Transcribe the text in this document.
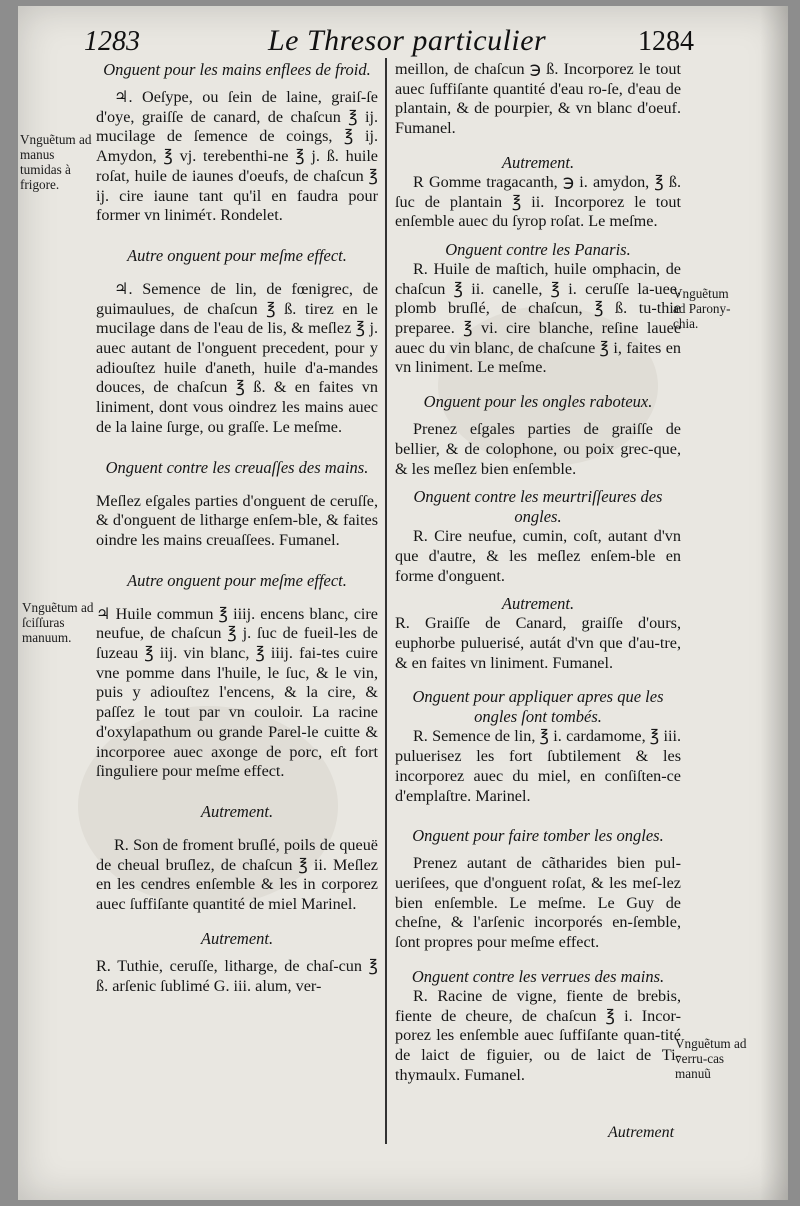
1283	Le Thresor particulier	1284
Onguent pour les mains enflees de froid.
♃. Oeſype, ou ſein de laine, graiſ-ſe d'oye, graiſſe de canard, de chaſcun ℥ ij. mucilage de ſemence de coings, ℥ ij. Amydon, ℥ vj. terebenthi-ne ℥ j. ß. huile roſat, huile de iaunes d'oeufs, de chaſcun ℥ ij. cire iaune tant qu'il en faudra pour former vn liniméτ. Rondelet.
Autre onguent pour meſme effect.
♃. Semence de lin, de fœnigrec, de guimaulues, de chaſcun ℥ ß. tirez en le mucilage dans de l'eau de lis, & meſlez ℥ j. auec autant de l'onguent precedent, pour y adiouſtez huile d'aneth, huile d'a-mandes douces, de chaſcun ℥ ß. & en faites vn liniment, dont vous oindrez les mains auec de la laine ſurge, ou graſſe. Le meſme.
Onguent contre les creuaſſes des mains.
Meſlez eſgales parties d'onguent de ceruſſe, & d'onguent de litharge enſem-ble, & faites oindre les mains creuaſſees. Fumanel.
Autre onguent pour meſme effect.
♃ Huile commun ℥ iiij. encens blanc, cire neufue, de chaſcun ℥ j. ſuc de fueil-les de ſuzeau ℥ iij. vin blanc, ℥ iiij. fai-tes cuire vne pomme dans l'huile, le ſuc, & le vin, puis y adiouſtez l'encens, & la cire, & paſſez le tout par vn couloir. La racine d'oxylapathum ou grande Parel-le cuitte & incorporee auec axonge de porc, eſt fort ſinguliere pour meſme effect.
Autrement.
R. Son de froment bruſlé, poils de queuë de cheual bruſlez, de chaſcun ℥ ii. Meſlez en les cendres enſemble & les in corporez auec ſuffiſante quantité de miel Marinel.
Autrement.
R. Tuthie, ceruſſe, litharge, de chaſ-cun ℥ ß. arſenic ſublimé G. iii. alum, ver-
meillon, de chaſcun ℈ ß. Incorporez le tout auec ſuffiſante quantité d'eau ro-ſe, d'eau de plantain, & de pourpier, & vn blanc d'oeuf. Fumanel.
Autrement.
R Gomme tragacanth, ℈ i. amydon, ℥ ß. ſuc de plantain ℥ ii. Incorporez le tout enſemble auec du ſyrop roſat. Le meſme.
Onguent contre les Panaris.
R. Huile de maſtich, huile omphacin, de chaſcun ℥ ii. canelle, ℥ i. ceruſſe la-uee, plomb bruſlé, de chaſcun, ℥ ß. tu-thie preparee. ℥ vi. cire blanche, reſine lauee auec du vin blanc, de chaſcune ℥ i, faites en vn liniment. Le meſme.
Onguent pour les ongles raboteux.
Prenez eſgales parties de graiſſe de bellier, & de colophone, ou poix grec-que, & les meſlez bien enſemble.
Onguent contre les meurtriſſeures des ongles.
R. Cire neufue, cumin, coſt, autant d'vn que d'autre, & les meſlez enſem-ble en forme d'onguent.
Autrement.
R. Graiſſe de Canard, graiſſe d'ours, euphorbe puluerisé, autát d'vn que d'au-tre, & en faites vn liniment. Fumanel.
Onguent pour appliquer apres que les ongles ſont tombés.
R. Semence de lin, ℥ i. cardamome, ℥ iii. puluerisez les fort ſubtilement & les incorporez auec du miel, en conſiſten-ce d'emplaſtre. Marinel.
Onguent pour faire tomber les ongles.
Prenez autant de cãtharides bien pul-ueriſees, que d'onguent roſat, & les meſ-lez bien enſemble. Le meſme. Le Guy de cheſne, & l'arſenic incorporés en-ſemble, ſont propres pour meſme effect.
Onguent contre les verrues des mains.
R. Racine de vigne, fiente de brebis, fiente de cheure, de chaſcun ℥ i. Incor-porez les enſemble auec ſuffiſante quan-tité de laict de figuier, ou de laict de Ti-thymaulx. Fumanel.
Vnguẽtum ad manus tumidas à frigore.
Vnguẽtum ad ſciſſuras manuum.
Vnguẽtum ad Parony-chia.
Vnguẽtum ad verru-cas manuũ
Autrement
